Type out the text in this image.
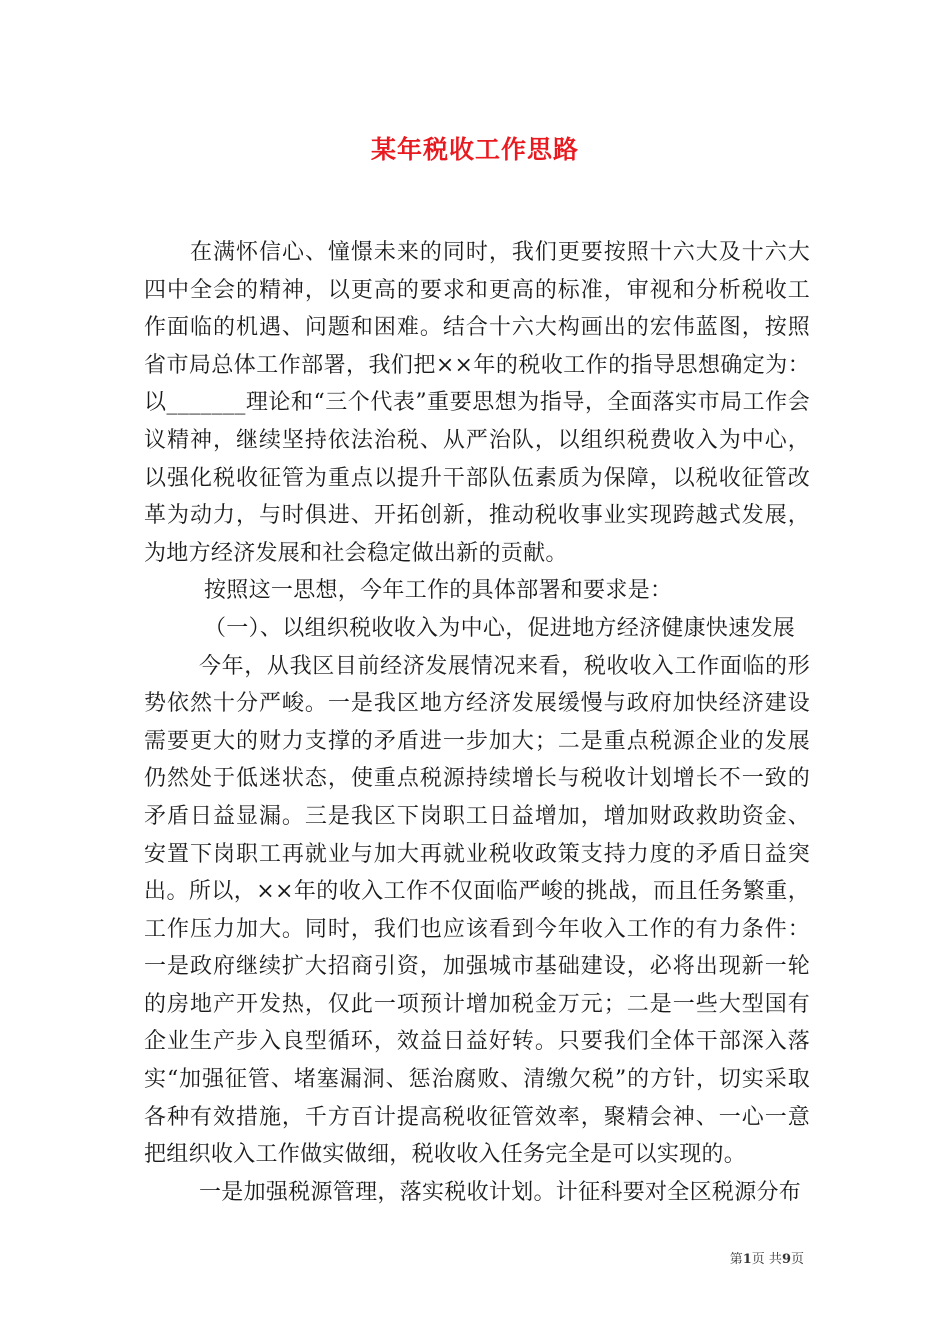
某年税收工作思路

在满怀信心、憧憬未来的同时，我们更要按照十六大及十六大四中全会的精神，以更高的要求和更高的标准，审视和分析税收工作面临的机遇、问题和困难。结合十六大构画出的宏伟蓝图，按照省市局总体工作部署，我们把××年的税收工作的指导思想确定为：以_______理论和“三个代表”重要思想为指导，全面落实市局工作会议精神，继续坚持依法治税、从严治队，以组织税费收入为中心，以强化税收征管为重点以提升干部队伍素质为保障，以税收征管改革为动力，与时俱进、开拓创新，推动税收事业实现跨越式发展，为地方经济发展和社会稳定做出新的贡献。

按照这一思想，今年工作的具体部署和要求是：

（一）、以组织税收收入为中心，促进地方经济健康快速发展

今年，从我区目前经济发展情况来看，税收收入工作面临的形势依然十分严峻。一是我区地方经济发展缓慢与政府加快经济建设需要更大的财力支撑的矛盾进一步加大；二是重点税源企业的发展仍然处于低迷状态，使重点税源持续增长与税收计划增长不一致的矛盾日益显漏。三是我区下岗职工日益增加，增加财政救助资金、安置下岗职工再就业与加大再就业税收政策支持力度的矛盾日益突出。所以，××年的收入工作不仅面临严峻的挑战，而且任务繁重，工作压力加大。同时，我们也应该看到今年收入工作的有力条件：一是政府继续扩大招商引资，加强城市基础建设，必将出现新一轮的房地产开发热，仅此一项预计增加税金万元；二是一些大型国有企业生产步入良型循环，效益日益好转。只要我们全体干部深入落实“加强征管、堵塞漏洞、惩治腐败、清缴欠税”的方针，切实采取各种有效措施，千方百计提高税收征管效率，聚精会神、一心一意把组织收入工作做实做细，税收收入任务完全是可以实现的。

一是加强税源管理，落实税收计划。计征科要对全区税源分布

第1页 共9页
